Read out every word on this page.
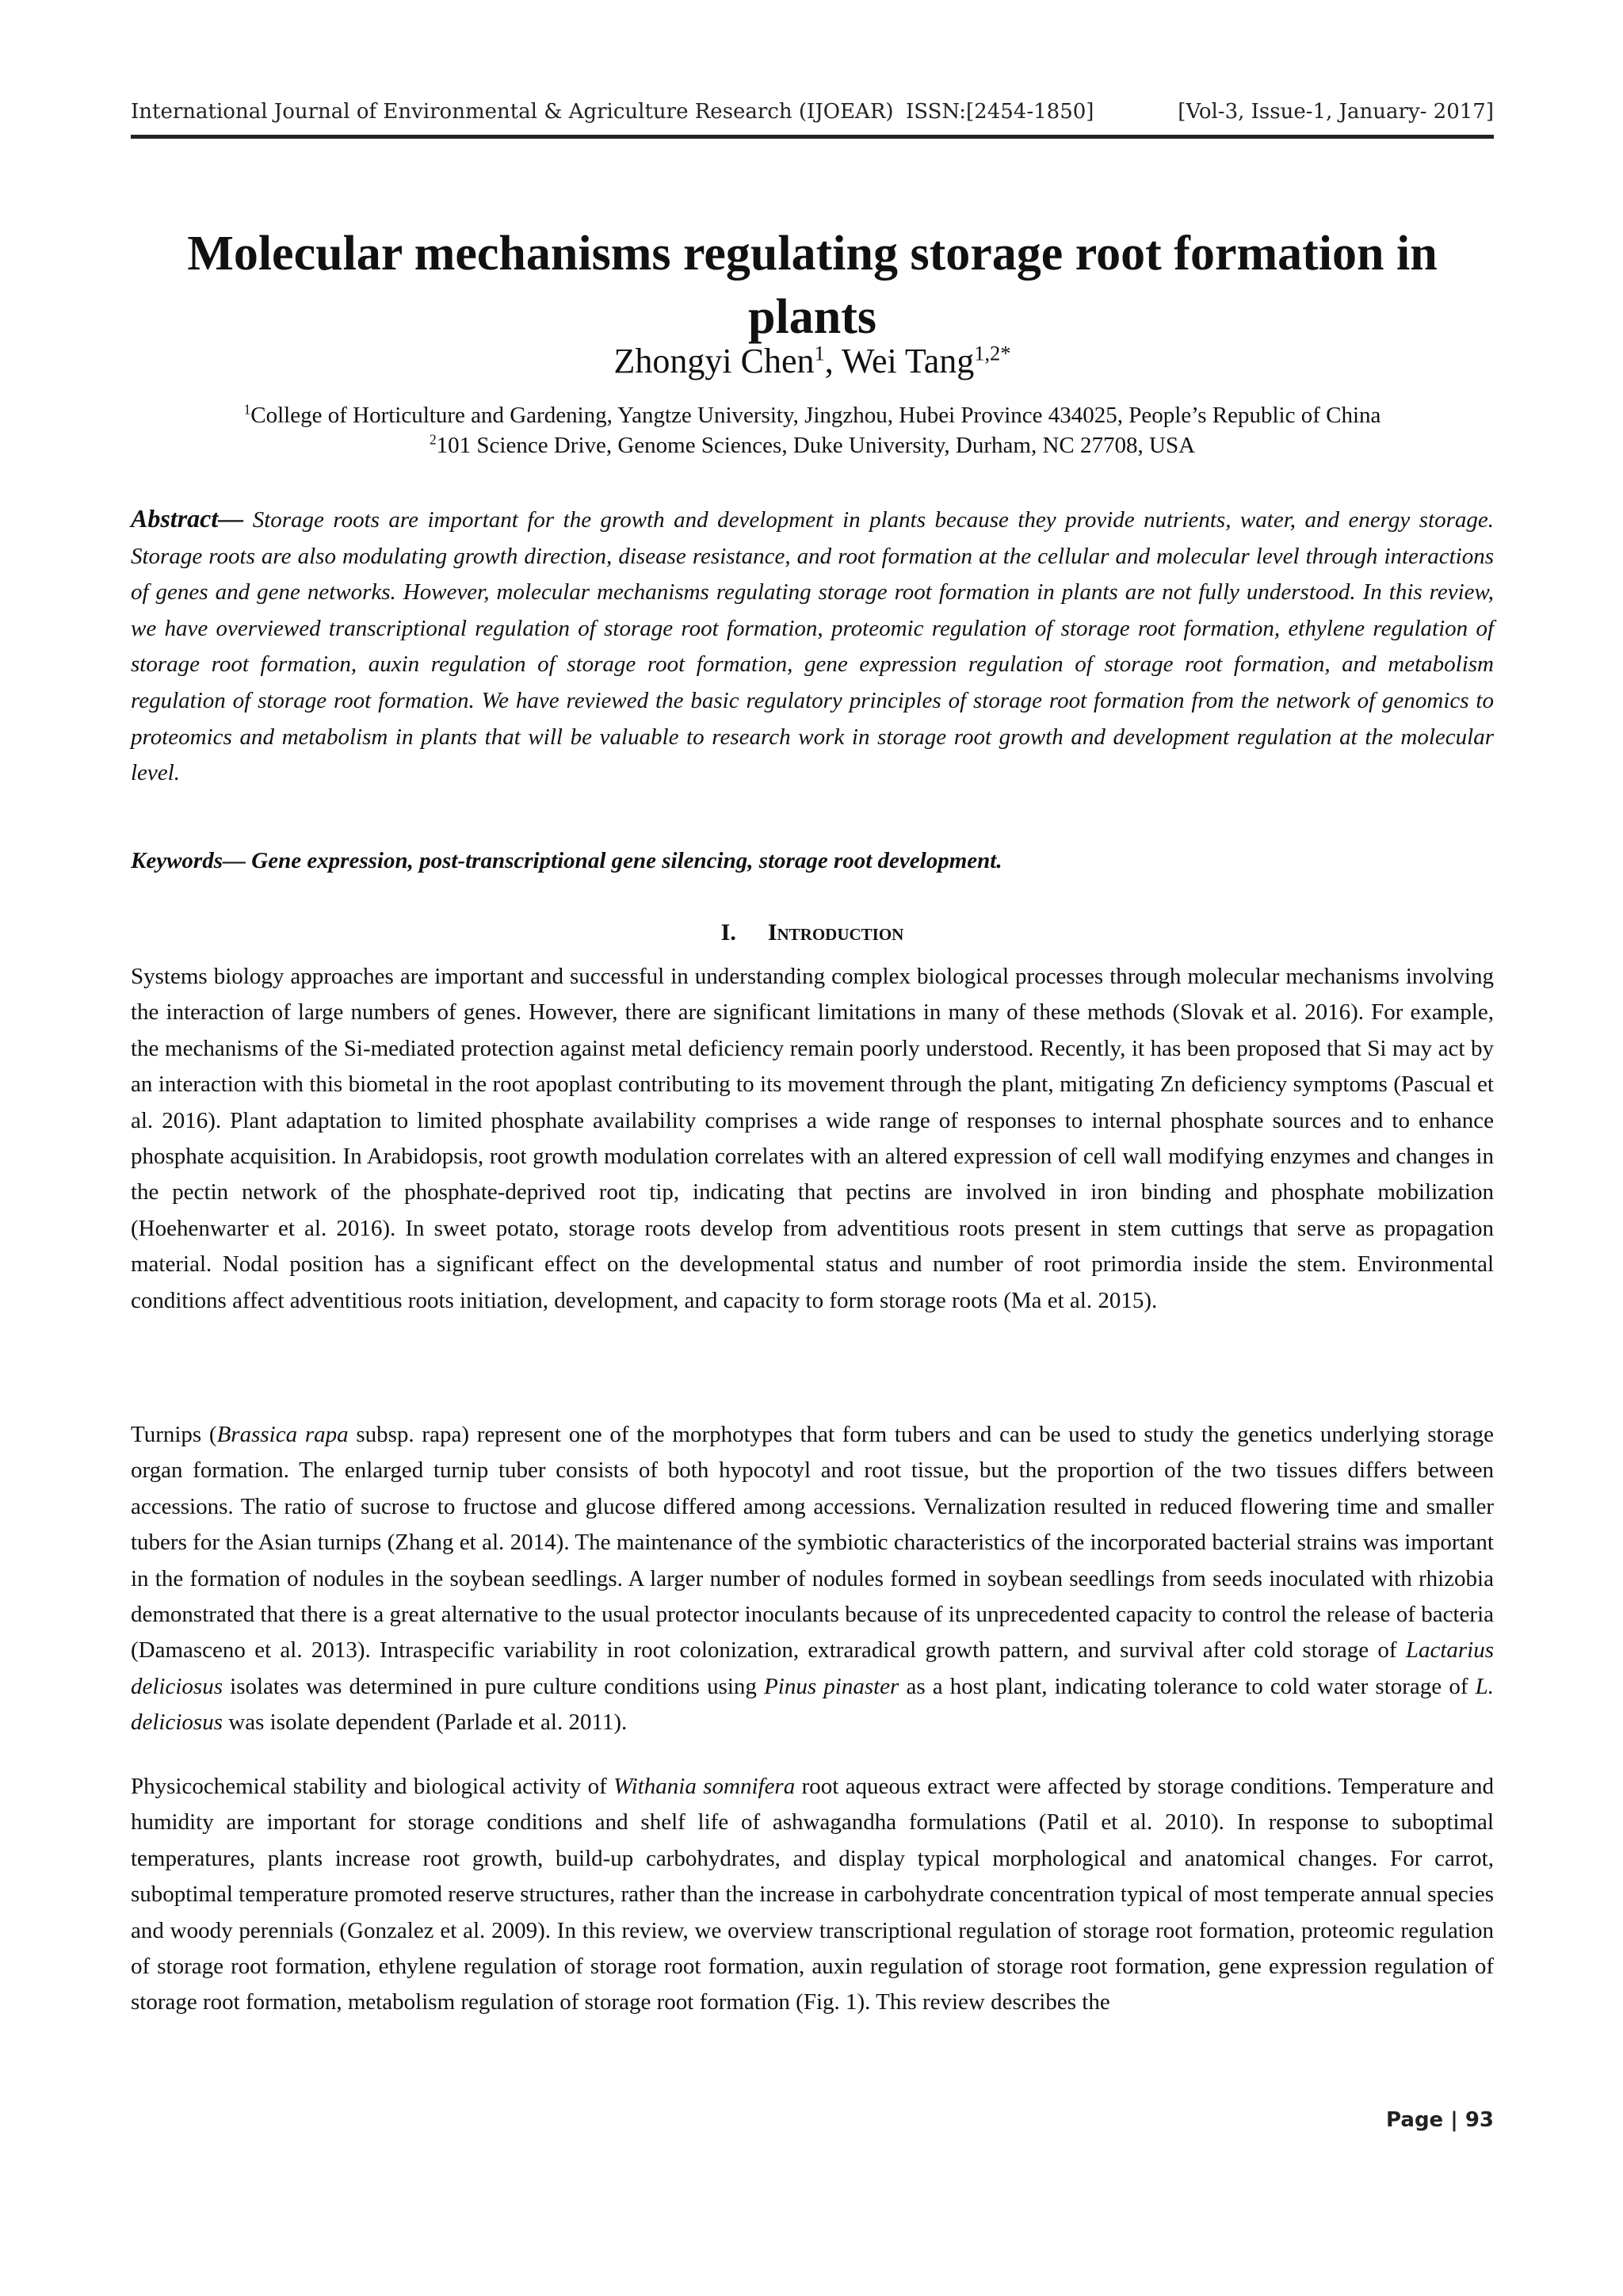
International Journal of Environmental & Agriculture Research (IJOEAR) ISSN:[2454-1850]	[Vol-3, Issue-1, January- 2017]
Molecular mechanisms regulating storage root formation in plants
Zhongyi Chen$^1$, Wei Tang$^{1,2*}$
$^1$College of Horticulture and Gardening, Yangtze University, Jingzhou, Hubei Province 434025, People’s Republic of China
$^2$101 Science Drive, Genome Sciences, Duke University, Durham, NC 27708, USA

Abstract— Storage roots are important for the growth and development in plants because they provide nutrients, water, and energy storage. Storage roots are also modulating growth direction, disease resistance, and root formation at the cellular and molecular level through interactions of genes and gene networks. However, molecular mechanisms regulating storage root formation in plants are not fully understood. In this review, we have overviewed transcriptional regulation of storage root formation, proteomic regulation of storage root formation, ethylene regulation of storage root formation, auxin regulation of storage root formation, gene expression regulation of storage root formation, and metabolism regulation of storage root formation. We have reviewed the basic regulatory principles of storage root formation from the network of genomics to proteomics and metabolism in plants that will be valuable to research work in storage root growth and development regulation at the molecular level.

Keywords— Gene expression, post-transcriptional gene silencing, storage root development.

I. Introduction

Systems biology approaches are important and successful in understanding complex biological processes through molecular mechanisms involving the interaction of large numbers of genes. However, there are significant limitations in many of these methods (Slovak et al. 2016). For example, the mechanisms of the Si-mediated protection against metal deficiency remain poorly understood. Recently, it has been proposed that Si may act by an interaction with this biometal in the root apoplast contributing to its movement through the plant, mitigating Zn deficiency symptoms (Pascual et al. 2016). Plant adaptation to limited phosphate availability comprises a wide range of responses to internal phosphate sources and to enhance phosphate acquisition. In Arabidopsis, root growth modulation correlates with an altered expression of cell wall modifying enzymes and changes in the pectin network of the phosphate-deprived root tip, indicating that pectins are involved in iron binding and phosphate mobilization (Hoehenwarter et al. 2016). In sweet potato, storage roots develop from adventitious roots present in stem cuttings that serve as propagation material. Nodal position has a significant effect on the developmental status and number of root primordia inside the stem. Environmental conditions affect adventitious roots initiation, development, and capacity to form storage roots (Ma et al. 2015).

Turnips (Brassica rapa subsp. rapa) represent one of the morphotypes that form tubers and can be used to study the genetics underlying storage organ formation. The enlarged turnip tuber consists of both hypocotyl and root tissue, but the proportion of the two tissues differs between accessions. The ratio of sucrose to fructose and glucose differed among accessions. Vernalization resulted in reduced flowering time and smaller tubers for the Asian turnips (Zhang et al. 2014). The maintenance of the symbiotic characteristics of the incorporated bacterial strains was important in the formation of nodules in the soybean seedlings. A larger number of nodules formed in soybean seedlings from seeds inoculated with rhizobia demonstrated that there is a great alternative to the usual protector inoculants because of its unprecedented capacity to control the release of bacteria (Damasceno et al. 2013). Intraspecific variability in root colonization, extraradical growth pattern, and survival after cold storage of Lactarius deliciosus isolates was determined in pure culture conditions using Pinus pinaster as a host plant, indicating tolerance to cold water storage of L. deliciosus was isolate dependent (Parlade et al. 2011).

Physicochemical stability and biological activity of Withania somnifera root aqueous extract were affected by storage conditions. Temperature and humidity are important for storage conditions and shelf life of ashwagandha formulations (Patil et al. 2010). In response to suboptimal temperatures, plants increase root growth, build-up carbohydrates, and display typical morphological and anatomical changes. For carrot, suboptimal temperature promoted reserve structures, rather than the increase in carbohydrate concentration typical of most temperate annual species and woody perennials (Gonzalez et al. 2009). In this review, we overview transcriptional regulation of storage root formation, proteomic regulation of storage root formation, ethylene regulation of storage root formation, auxin regulation of storage root formation, gene expression regulation of storage root formation, metabolism regulation of storage root formation (Fig. 1). This review describes the

Page | 93
